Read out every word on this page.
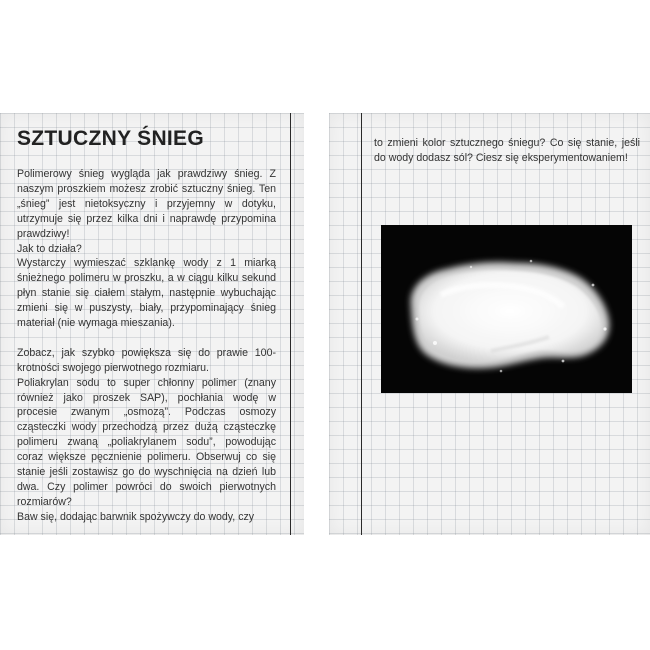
SZTUCZNY ŚNIEG

Polimerowy śnieg wygląda jak prawdziwy śnieg. Z naszym proszkiem możesz zrobić sztuczny śnieg. Ten „śnieg” jest nietoksyczny i przyjemny w dotyku, utrzymuje się przez kilka dni i naprawdę przypomina prawdziwy!

Jak to działa?

Wystarczy wymieszać szklankę wody z 1 miarką śnieżnego polimeru w proszku, a w ciągu kilku sekund płyn stanie się ciałem stałym, następnie wybuchając zmieni się w puszysty, biały, przypominający śnieg materiał (nie wymaga mieszania).

Zobacz, jak szybko powiększa się do prawie 100-krotności swojego pierwotnego rozmiaru.

Poliakrylan sodu to super chłonny polimer (znany również jako proszek SAP), pochłania wodę w procesie zwanym „osmozą”. Podczas osmozy cząsteczki wody przechodzą przez dużą cząsteczkę polimeru zwaną „poliakrylanem sodu”, powodując coraz większe pęcznienie polimeru. Obserwuj co się stanie jeśli zostawisz go do wyschnięcia na dzień lub dwa. Czy polimer powróci do swoich pierwotnych rozmiarów?

Baw się, dodając barwnik spożywczy do wody, czy

to zmieni kolor sztucznego śniegu? Co się stanie, jeśli do wody dodasz sól? Ciesz się eksperymentowaniem!
